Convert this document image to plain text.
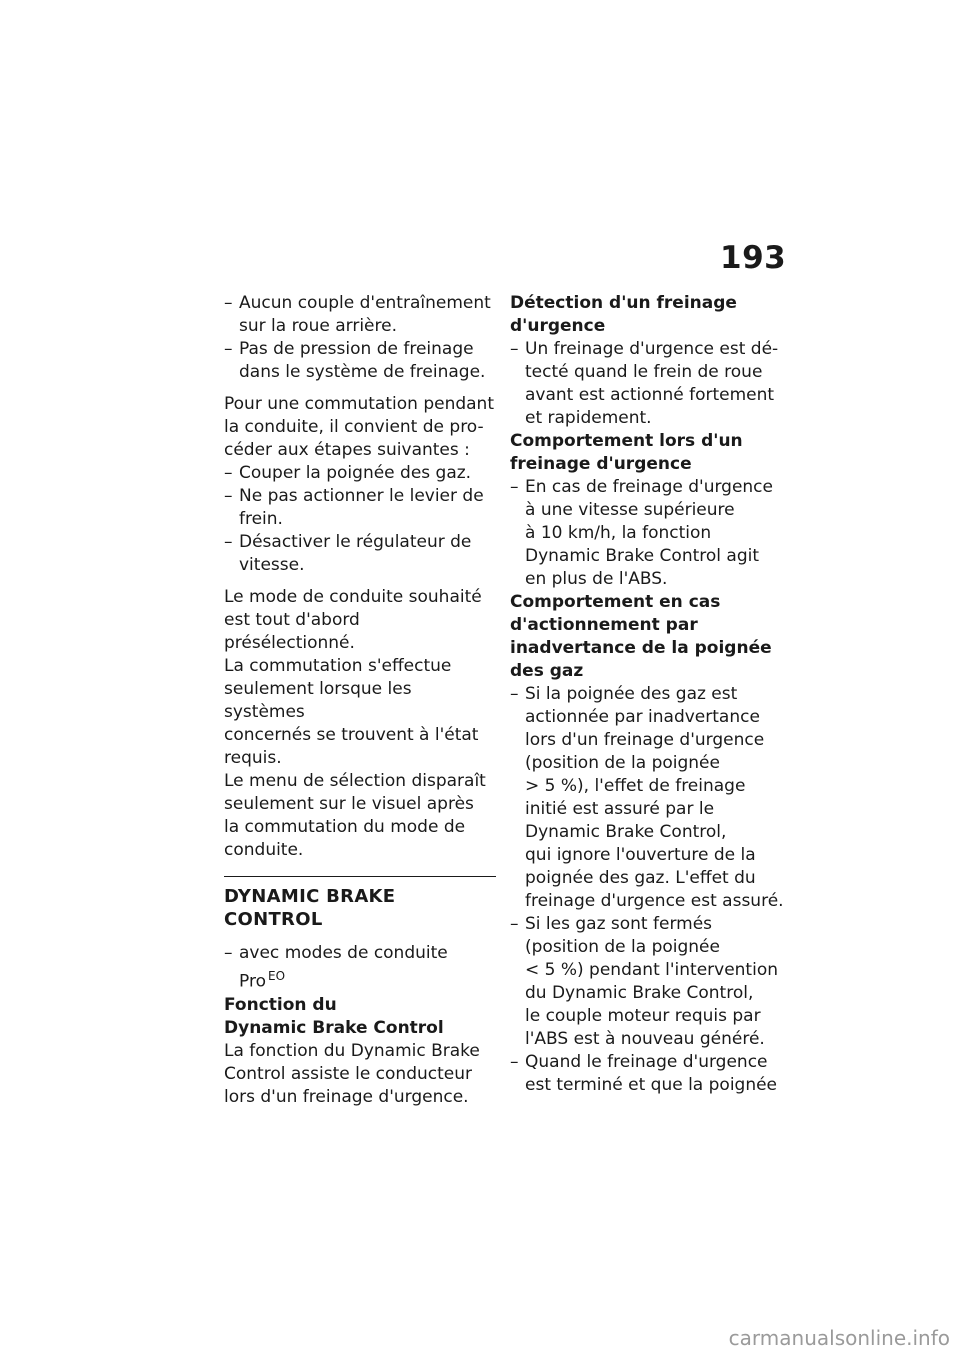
193
– Aucun couple d'entraînement
sur la roue arrière.
– Pas de pression de freinage
dans le système de freinage.
Pour une commutation pendant
la conduite, il convient de pro-
céder aux étapes suivantes :
– Couper la poignée des gaz.
– Ne pas actionner le levier de
frein.
– Désactiver le régulateur de
vitesse.
Le mode de conduite souhaité
est tout d'abord présélectionné.
La commutation s'effectue
seulement lorsque les systèmes
concernés se trouvent à l'état
requis.
Le menu de sélection disparaît
seulement sur le visuel après
la commutation du mode de
conduite.
DYNAMIC BRAKE CONTROL
– avec modes de conduite
Pro $^{EO}$
Fonction du
Dynamic Brake Control
La fonction du Dynamic Brake
Control assiste le conducteur
lors d'un freinage d'urgence.
Détection d'un freinage
d'urgence
– Un freinage d'urgence est dé-
tecté quand le frein de roue
avant est actionné fortement
et rapidement.
Comportement lors d'un
freinage d'urgence
– En cas de freinage d'urgence
à une vitesse supérieure
à 10 km/h, la fonction
Dynamic Brake Control agit
en plus de l'ABS.
Comportement en cas
d'actionnement par
inadvertance de la poignée
des gaz
– Si la poignée des gaz est
actionnée par inadvertance
lors d'un freinage d'urgence
(position de la poignée
> 5 %), l'effet de freinage
initié est assuré par le
Dynamic Brake Control,
qui ignore l'ouverture de la
poignée des gaz. L'effet du
freinage d'urgence est assuré.
– Si les gaz sont fermés
(position de la poignée
< 5 %) pendant l'intervention
du Dynamic Brake Control,
le couple moteur requis par
l'ABS est à nouveau généré.
– Quand le freinage d'urgence
est terminé et que la poignée
carmanualsonline.info
